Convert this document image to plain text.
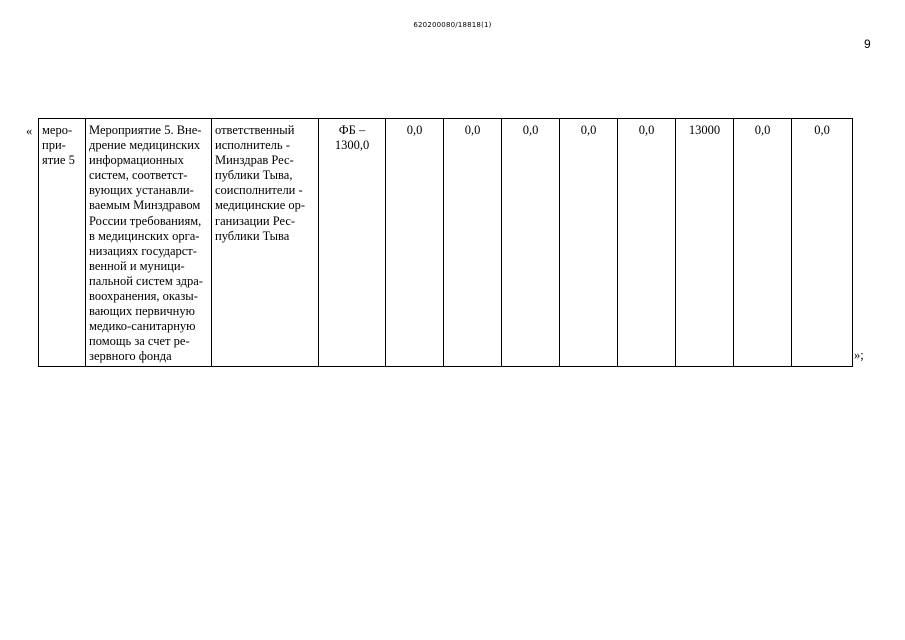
620200080/18818(1)
9
« меро-
при-
ятие 5	Мероприятие 5. Вне-
дрение медицинских
информационных
систем, соответст-
вующих устанавли-
ваемым Минздравом
России требованиям,
в медицинских орга-
низациях государст-
венной и муници-
пальной систем здра-
воохранения, оказы-
вающих первичную
медико-санитарную
помощь за счет ре-
зервного фонда	ответственный
исполнитель -
Минздрав Рес-
публики Тыва,
соисполнители -
медицинские ор-
ганизации Рес-
публики Тыва	ФБ –
1300,0	0,0	0,0	0,0	0,0	0,0	13000	0,0	0,0
»;
